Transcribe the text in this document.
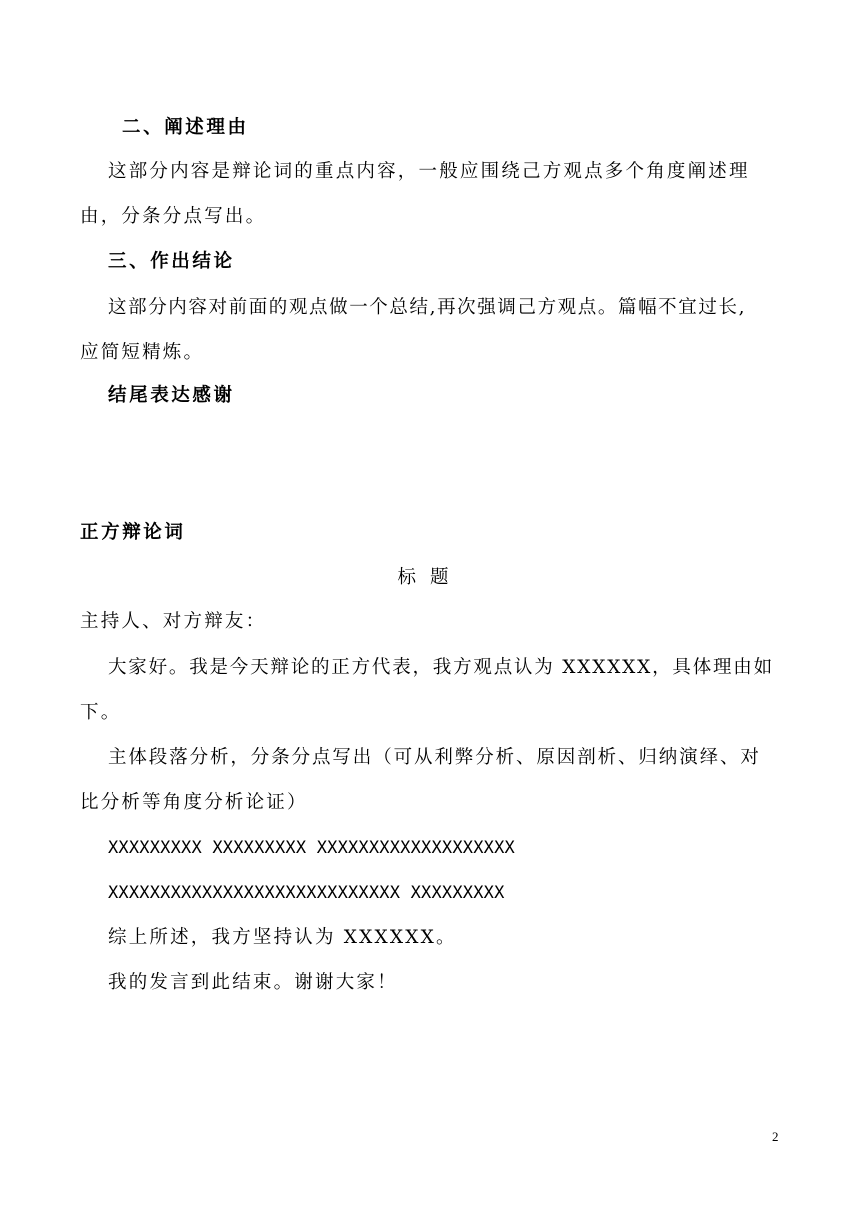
二、阐述理由
这部分内容是辩论词的重点内容，一般应围绕己方观点多个角度阐述理
由，分条分点写出。
三、作出结论
这部分内容对前面的观点做一个总结,再次强调己方观点。篇幅不宜过长,
应简短精炼。
结尾表达感谢
正方辩论词
标题
主持人、对方辩友：
大家好。我是今天辩论的正方代表，我方观点认为 XXXXXX，具体理由如
下。
主体段落分析，分条分点写出（可从利弊分析、原因剖析、归纳演绎、对
比分析等角度分析论证）
XXXXXXXXX XXXXXXXXX XXXXXXXXXXXXXXXXXXX
XXXXXXXXXXXXXXXXXXXXXXXXXXXX XXXXXXXXX
综上所述，我方坚持认为 XXXXXX。
我的发言到此结束。谢谢大家！
2
